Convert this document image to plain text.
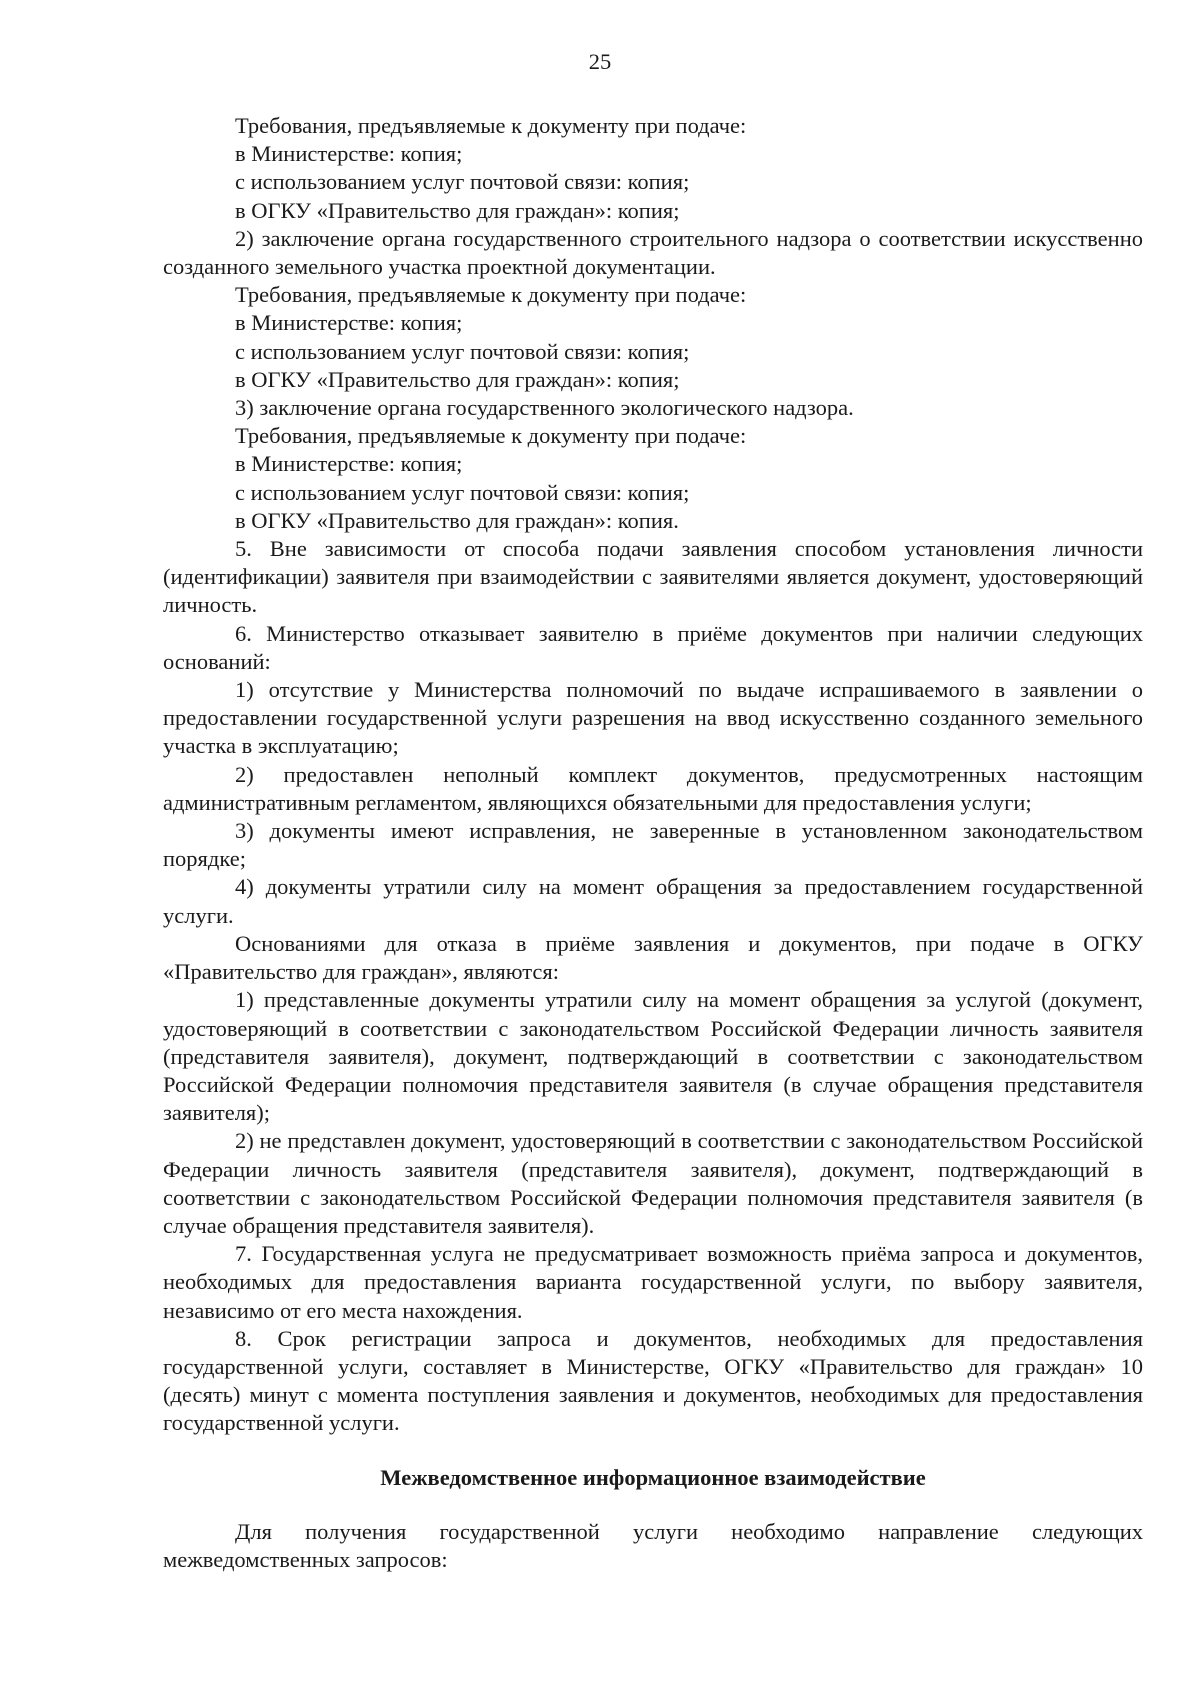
25

Требования, предъявляемые к документу при подаче:

в Министерстве: копия;

с использованием услуг почтовой связи: копия;

в ОГКУ «Правительство для граждан»: копия;

2) заключение органа государственного строительного надзора о соответствии искусственно созданного земельного участка проектной документации.

Требования, предъявляемые к документу при подаче:

в Министерстве: копия;

с использованием услуг почтовой связи: копия;

в ОГКУ «Правительство для граждан»: копия;

3) заключение органа государственного экологического надзора.

Требования, предъявляемые к документу при подаче:

в Министерстве: копия;

с использованием услуг почтовой связи: копия;

в ОГКУ «Правительство для граждан»: копия.

5. Вне зависимости от способа подачи заявления способом установления личности (идентификации) заявителя при взаимодействии с заявителями является документ, удостоверяющий личность.

6. Министерство отказывает заявителю в приёме документов при наличии следующих оснований:

1) отсутствие у Министерства полномочий по выдаче испрашиваемого в заявлении о предоставлении государственной услуги разрешения на ввод искусственно созданного земельного участка в эксплуатацию;

2) предоставлен неполный комплект документов, предусмотренных настоящим административным регламентом, являющихся обязательными для предоставления услуги;

3) документы имеют исправления, не заверенные в установленном законодательством порядке;

4) документы утратили силу на момент обращения за предоставлением государственной услуги.

Основаниями для отказа в приёме заявления и документов, при подаче в ОГКУ «Правительство для граждан», являются:

1) представленные документы утратили силу на момент обращения за услугой (документ, удостоверяющий в соответствии с законодательством Российской Федерации личность заявителя (представителя заявителя), документ, подтверждающий в соответствии с законодательством Российской Федерации полномочия представителя заявителя (в случае обращения представителя заявителя);

2) не представлен документ, удостоверяющий в соответствии с законодательством Российской Федерации личность заявителя (представителя заявителя), документ, подтверждающий в соответствии с законодательством Российской Федерации полномочия представителя заявителя (в случае обращения представителя заявителя).

7. Государственная услуга не предусматривает возможность приёма запроса и документов, необходимых для предоставления варианта государственной услуги, по выбору заявителя, независимо от его места нахождения.

8. Срок регистрации запроса и документов, необходимых для предоставления государственной услуги, составляет в Министерстве, ОГКУ «Правительство для граждан» 10 (десять) минут с момента поступления заявления и документов, необходимых для предоставления государственной услуги.

Межведомственное информационное взаимодействие

Для получения государственной услуги необходимо направление следующих межведомственных запросов:
